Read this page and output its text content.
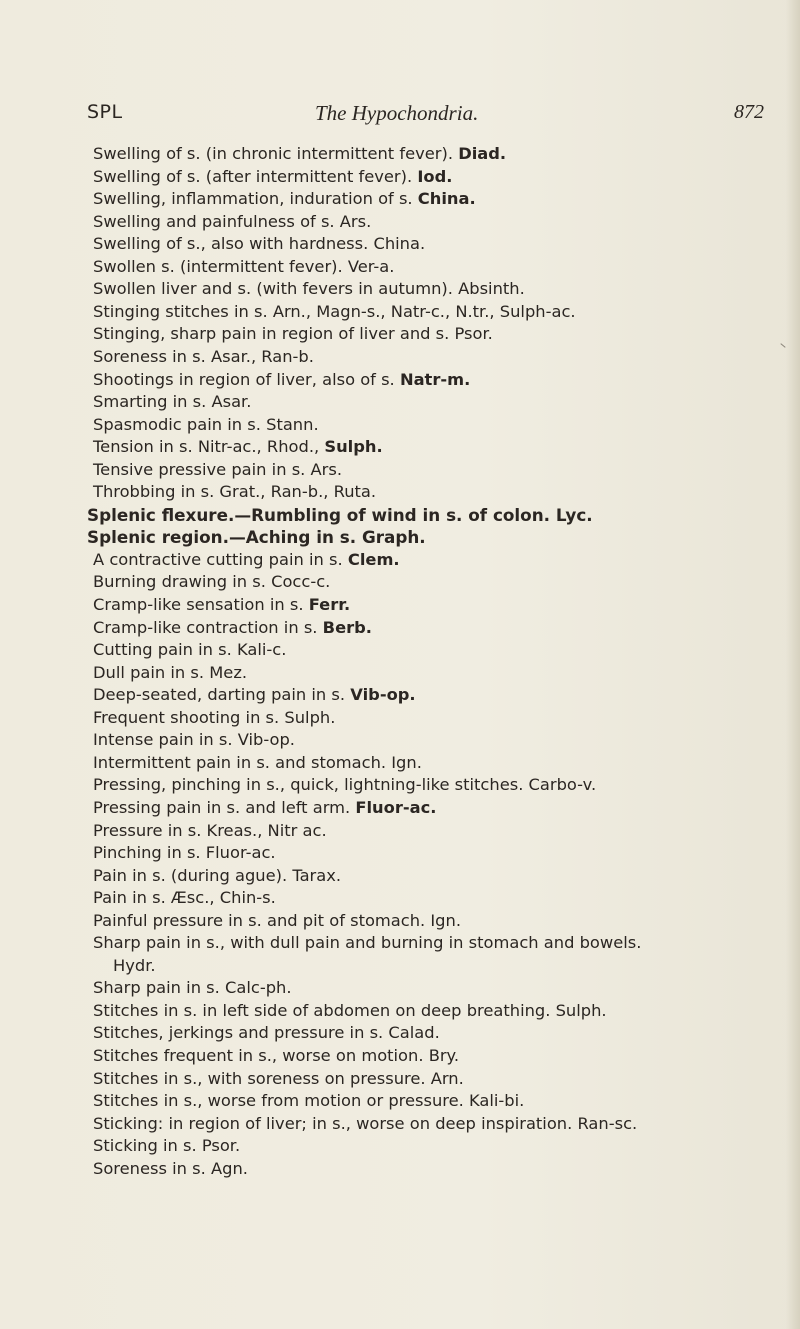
SPL	The Hypochondria.	872
Swelling of s. (in chronic intermittent fever). Diad.
Swelling of s. (after intermittent fever). Iod.
Swelling, inflammation, induration of s. China.
Swelling and painfulness of s. Ars.
Swelling of s., also with hardness. China.
Swollen s. (intermittent fever). Ver-a.
Swollen liver and s. (with fevers in autumn). Absinth.
Stinging stitches in s. Arn., Magn-s., Natr-c., N.tr., Sulph-ac.
Stinging, sharp pain in region of liver and s. Psor.
Soreness in s. Asar., Ran-b.
Shootings in region of liver, also of s. Natr-m.
Smarting in s. Asar.
Spasmodic pain in s. Stann.
Tension in s. Nitr-ac., Rhod., Sulph.
Tensive pressive pain in s. Ars.
Throbbing in s. Grat., Ran-b., Ruta.
Splenic flexure.—Rumbling of wind in s. of colon. Lyc.
Splenic region.—Aching in s. Graph.
A contractive cutting pain in s. Clem.
Burning drawing in s. Cocc-c.
Cramp-like sensation in s. Ferr.
Cramp-like contraction in s. Berb.
Cutting pain in s. Kali-c.
Dull pain in s. Mez.
Deep-seated, darting pain in s. Vib-op.
Frequent shooting in s. Sulph.
Intense pain in s. Vib-op.
Intermittent pain in s. and stomach. Ign.
Pressing, pinching in s., quick, lightning-like stitches. Carbo-v.
Pressing pain in s. and left arm. Fluor-ac.
Pressure in s. Kreas., Nitr ac.
Pinching in s. Fluor-ac.
Pain in s. (during ague). Tarax.
Pain in s. Æsc., Chin-s.
Painful pressure in s. and pit of stomach. Ign.
Sharp pain in s., with dull pain and burning in stomach and bowels.
Hydr.
Sharp pain in s. Calc-ph.
Stitches in s. in left side of abdomen on deep breathing. Sulph.
Stitches, jerkings and pressure in s. Calad.
Stitches frequent in s., worse on motion. Bry.
Stitches in s., with soreness on pressure. Arn.
Stitches in s., worse from motion or pressure. Kali-bi.
Sticking: in region of liver; in s., worse on deep inspiration. Ran-sc.
Sticking in s. Psor.
Soreness in s. Agn.
